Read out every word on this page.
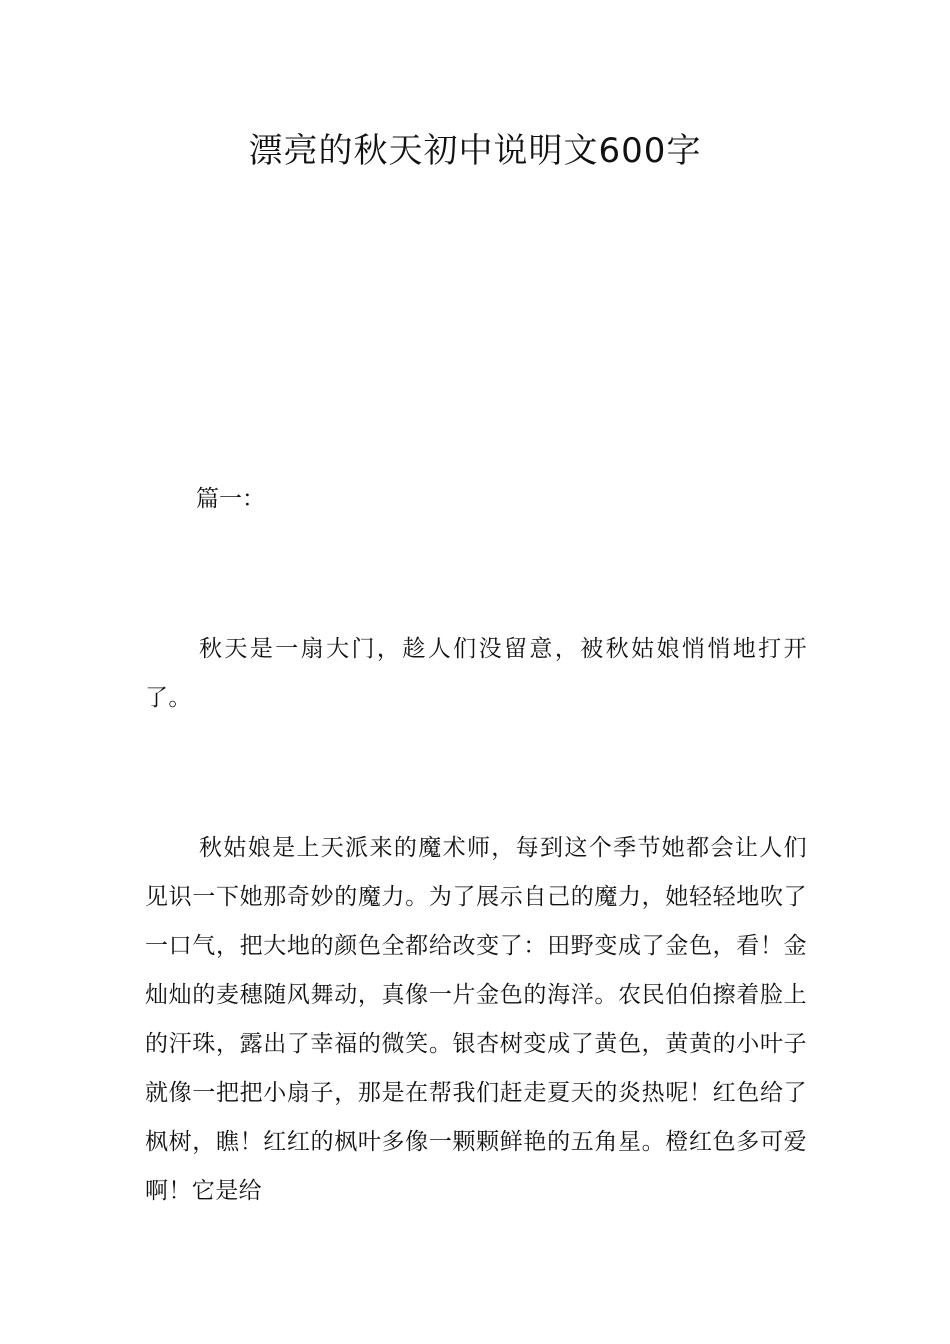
漂亮的秋天初中说明文600字
篇一：

秋天是一扇大门，趁人们没留意，被秋姑娘悄悄地打开了。

秋姑娘是上天派来的魔术师，每到这个季节她都会让人们见识一下她那奇妙的魔力。为了展示自己的魔力，她轻轻地吹了一口气，把大地的颜色全都给改变了：田野变成了金色，看！金灿灿的麦穗随风舞动，真像一片金色的海洋。农民伯伯擦着脸上的汗珠，露出了幸福的微笑。银杏树变成了黄色，黄黄的小叶子就像一把把小扇子，那是在帮我们赶走夏天的炎热呢！红色给了枫树，瞧！红红的枫叶多像一颗颗鲜艳的五角星。橙红色多可爱啊！它是给
